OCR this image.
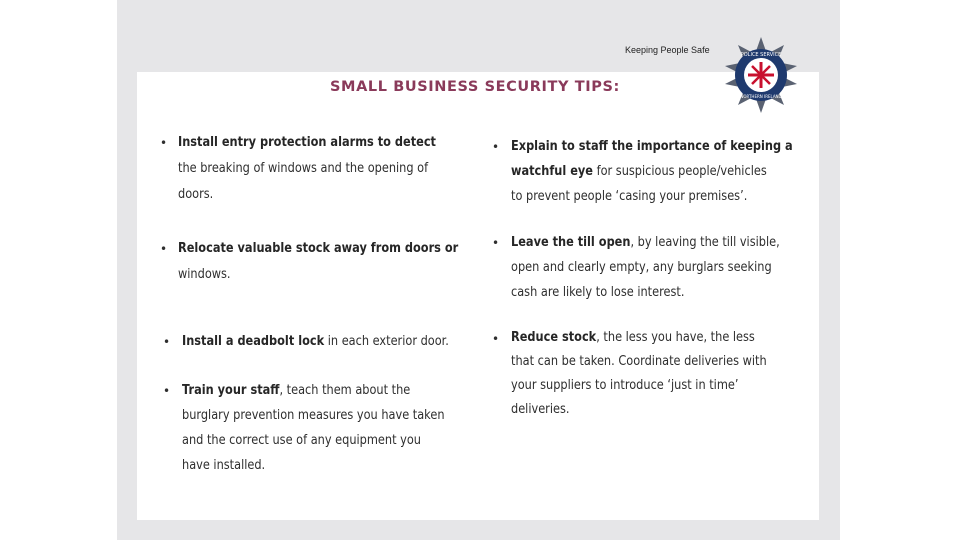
Keeping People Safe
SMALL BUSINESS SECURITY TIPS:
POLICE SERVICE
NORTHERN IRELAND
• Install entry protection alarms to detect
the breaking of windows and the opening of
doors.
• Relocate valuable stock away from doors or
windows.
• Install a deadbolt lock in each exterior door.
• Train your staff, teach them about the
burglary prevention measures you have taken
and the correct use of any equipment you
have installed.
• Explain to staff the importance of keeping a
watchful eye for suspicious people/vehicles
to prevent people ‘casing your premises’.
• Leave the till open, by leaving the till visible,
open and clearly empty, any burglars seeking
cash are likely to lose interest.
• Reduce stock, the less you have, the less
that can be taken. Coordinate deliveries with
your suppliers to introduce ‘just in time’
deliveries.
